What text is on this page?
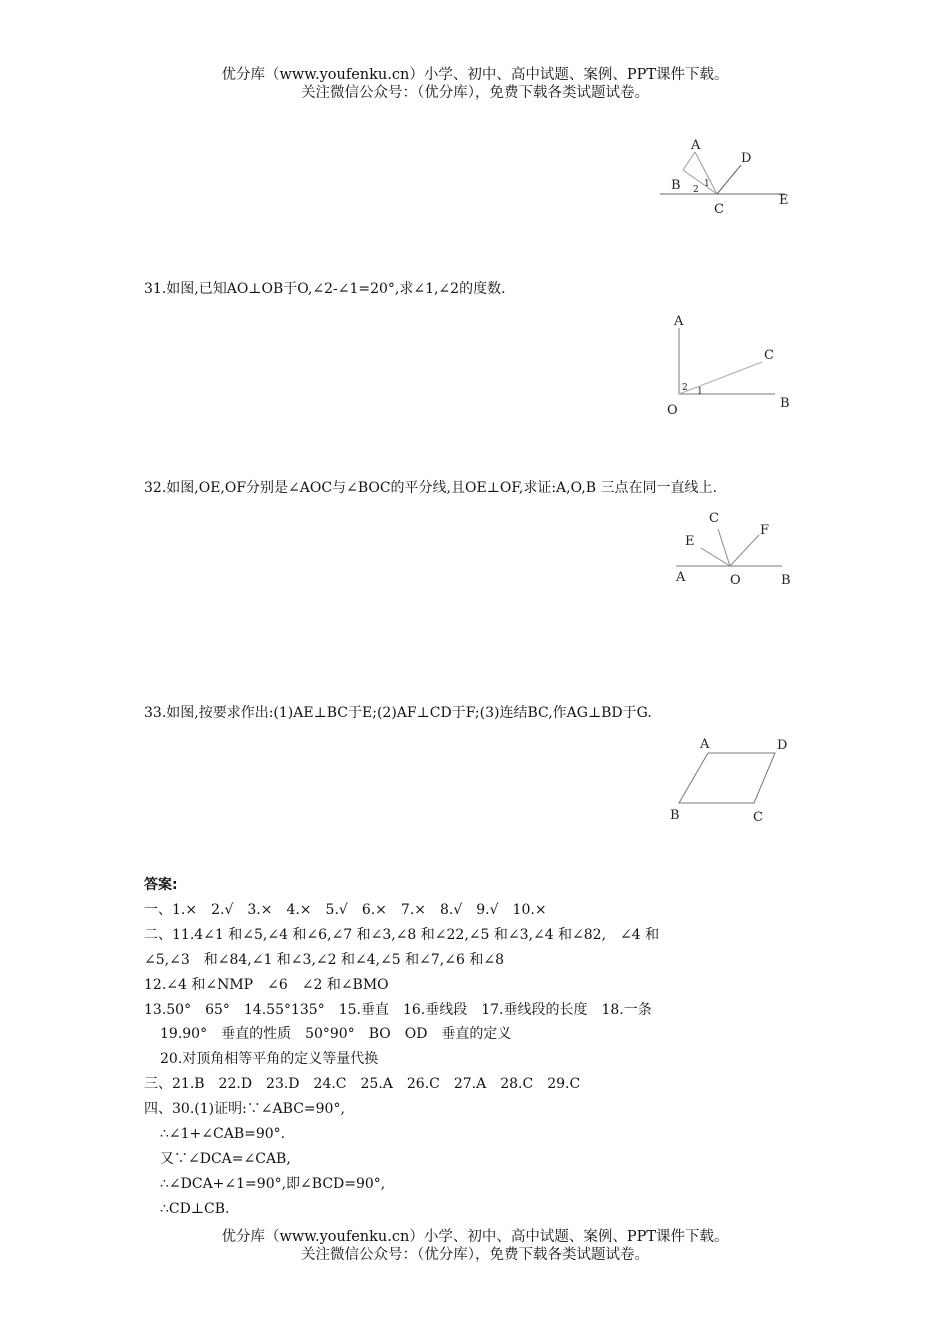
优分库（www.youfenku.cn）小学、初中、高中试题、案例、PPT课件下载。
关注微信公众号：（优分库），免费下载各类试题试卷。
A
D
B	1
2
C
E
31.如图,已知AO⊥OB于O,∠2-∠1=20°,求∠1,∠2的度数.
A
C
2 1
O	B
32.如图,OE,OF分别是∠AOC与∠BOC的平分线,且OE⊥OF,求证:A,O,B 三点在同一直线上.
C
E
F
A	O	B
33.如图,按要求作出:(1)AE⊥BC于E;(2)AF⊥CD于F;(3)连结BC,作AG⊥BD于G.
A	D
B	C
答案:
一、1.×　2.√　3.×　4.×　5.√　6.×　7.×　8.√　9.√　10.×
二、11.4∠1 和∠5,∠4 和∠6,∠7 和∠3,∠8 和∠22,∠5 和∠3,∠4 和∠82,　∠4 和
∠5,∠3　和∠84,∠1 和∠3,∠2 和∠4,∠5 和∠7,∠6 和∠8
12.∠4 和∠NMP　∠6　∠2 和∠BMO
13.50°　65°　14.55°135°　15.垂直　16.垂线段　17.垂线段的长度　18.一条
19.90°　垂直的性质　50°90°　BO　OD　垂直的定义
20.对顶角相等平角的定义等量代换
三、21.B　22.D　23.D　24.C　25.A　26.C　27.A　28.C　29.C
四、30.(1)证明:∵∠ABC=90°,
∴∠1+∠CAB=90°.
又∵∠DCA=∠CAB,
∴∠DCA+∠1=90°,即∠BCD=90°,
∴CD⊥CB.
优分库（www.youfenku.cn）小学、初中、高中试题、案例、PPT课件下载。
关注微信公众号：（优分库），免费下载各类试题试卷。
